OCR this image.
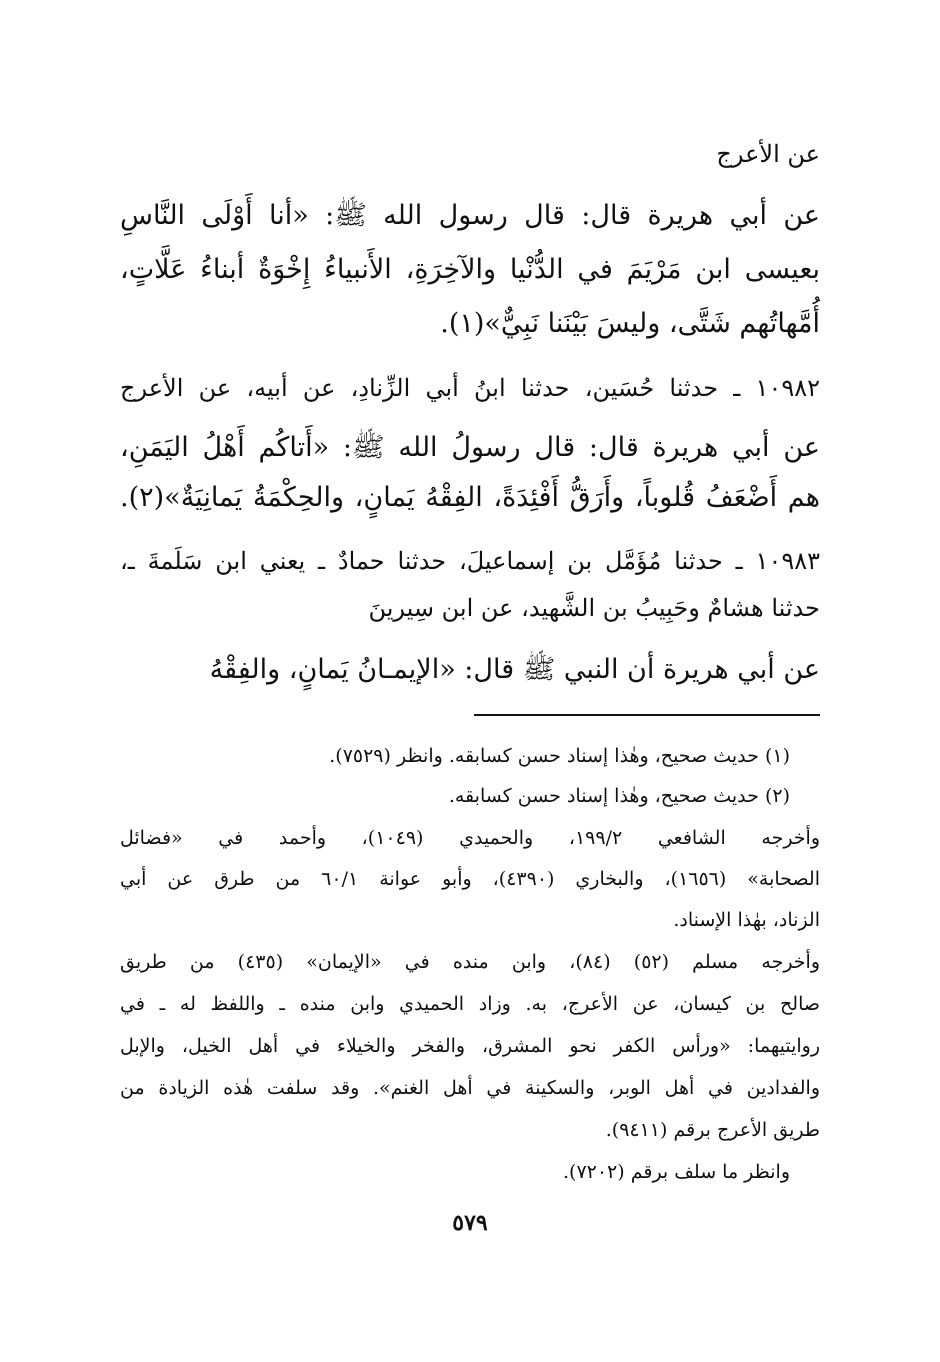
عن الأعرج

عن أبي هريرة قال: قال رسول الله ﷺ: «أنا أَوْلَى النَّاسِ

بعيسى ابن مَرْيَمَ في الدُّنْيا والآخِرَةِ، الأَنبياءُ إِخْوَةٌ أبناءُ عَلَّاتٍ،

أُمَّهاتُهم شَتَّى، وليسَ بَيْنَنا نَبِيٌّ»(١).

١٠٩٨٢ ـ حدثنا حُسَين، حدثنا ابنُ أبي الزِّنادِ، عن أبيه، عن الأعرج

عن أبي هريرة قال: قال رسولُ الله ﷺ: «أَتاكُم أَهْلُ اليَمَنِ،

هم أَضْعَفُ قُلوباً، وأَرَقُّ أَفْئِدَةً، الفِقْهُ يَمانٍ، والحِكْمَةُ يَمانِيَةٌ»(٢).

١٠٩٨٣ ـ حدثنا مُؤَمَّل بن إسماعيلَ، حدثنا حمادٌ ـ يعني ابن سَلَمةَ ـ،

حدثنا هشامٌ وحَبِيبُ بن الشَّهيد، عن ابن سِيرينَ

عن أبي هريرة أن النبي ﷺ قال: «الإيمـانُ يَمانٍ، والفِقْهُ

(١) حديث صحيح، وهٰذا إسناد حسن كسابقه. وانظر (٧٥٢٩).

(٢) حديث صحيح، وهٰذا إسناد حسن كسابقه.

وأخرجه الشافعي ١٩٩/٢، والحميدي (١٠٤٩)، وأحمد في «فضائل

الصحابة» (١٦٥٦)، والبخاري (٤٣٩٠)، وأبو عوانة ٦٠/١ من طرق عن أبي

الزناد، بهٰذا الإسناد.

وأخرجه مسلم (٥٢) (٨٤)، وابن منده في «الإيمان» (٤٣٥) من طريق

صالح بن كيسان، عن الأعرج، به. وزاد الحميدي وابن منده ـ واللفظ له ـ في

روايتيهما: «ورأس الكفر نحو المشرق، والفخر والخيلاء في أهل الخيل، والإبل

والفدادين في أهل الوبر، والسكينة في أهل الغنم». وقد سلفت هٰذه الزيادة من

طريق الأعرج برقم (٩٤١١).

وانظر ما سلف برقم (٧٢٠٢).

٥٧٩
